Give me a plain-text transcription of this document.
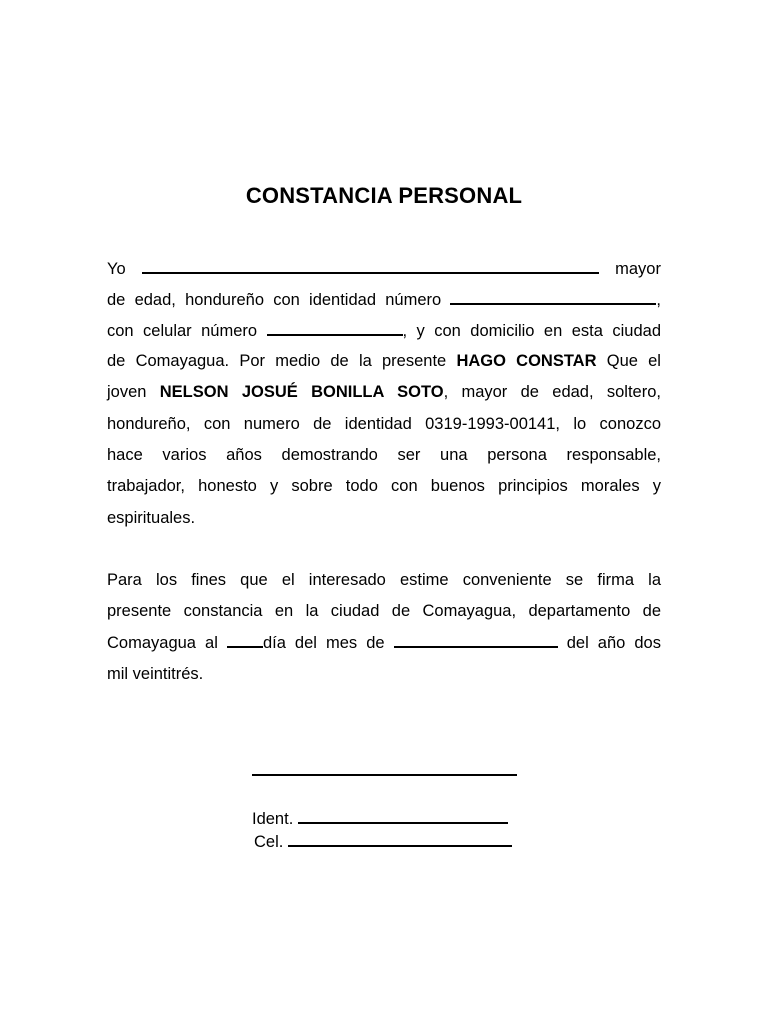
CONSTANCIA PERSONAL
Yo	mayor
de edad, hondureño con identidad número	,
con celular número	, y con domicilio en esta ciudad
de Comayagua. Por medio de la presente HAGO CONSTAR Que el
joven NELSON JOSUÉ BONILLA SOTO, mayor de edad, soltero,
hondureño, con numero de identidad 0319-1993-00141, lo conozco
hace varios años demostrando ser una persona responsable,
trabajador, honesto y sobre todo con buenos principios morales y
espirituales.
Para los fines que el interesado estime conveniente se firma la
presente constancia en la ciudad de Comayagua, departamento de
Comayagua al	día del mes de	del año dos
mil veintitrés.
Ident.
Cel.
